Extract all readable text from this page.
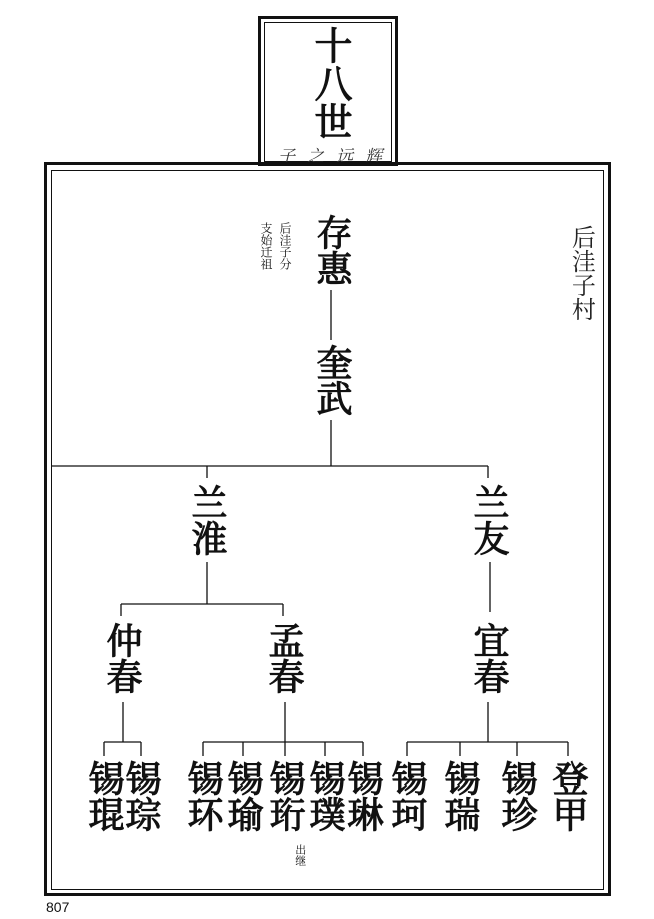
十八世
子之远辉
后洼子村
后洼子分
支始迁祖 存惠
奎武
兰淮	兰友
仲春	孟春	宜春
锡琨
锡琮 锡环
锡瑜 锡珩
锡璞
锡琳
出继
锡珂 锡瑞 锡珍 登甲
807
